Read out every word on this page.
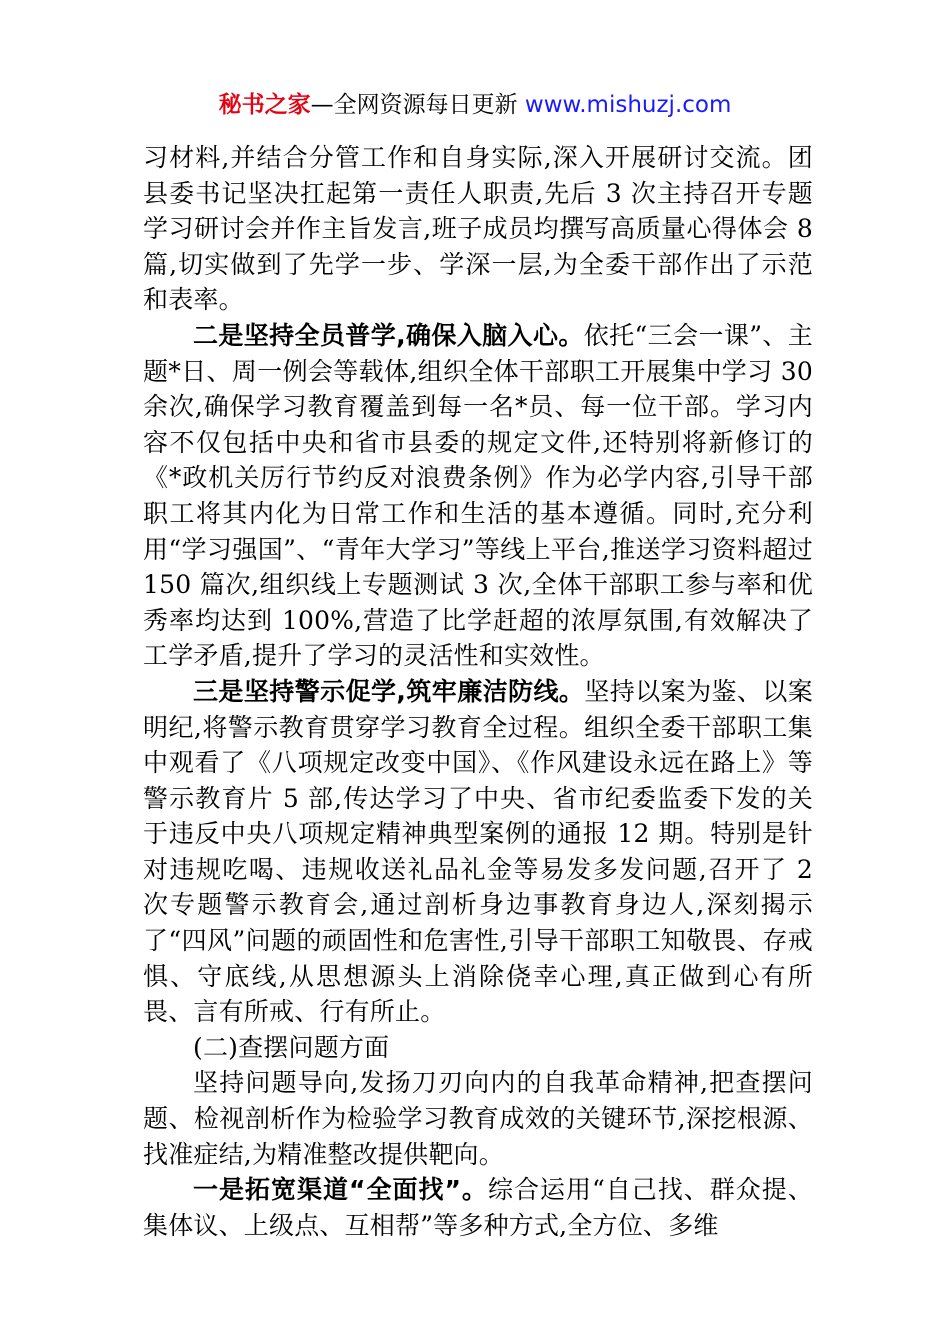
秘书之家—全网资源每日更新 www.mishuzj.com

习材料,并结合分管工作和自身实际,深入开展研讨交流。团县委书记坚决扛起第一责任人职责,先后 3 次主持召开专题学习研讨会并作主旨发言,班子成员均撰写高质量心得体会 8 篇,切实做到了先学一步、学深一层,为全委干部作出了示范和表率。

二是坚持全员普学,确保入脑入心。依托“三会一课”、主题*日、周一例会等载体,组织全体干部职工开展集中学习 30 余次,确保学习教育覆盖到每一名*员、每一位干部。学习内容不仅包括中央和省市县委的规定文件,还特别将新修订的《*政机关厉行节约反对浪费条例》作为必学内容,引导干部职工将其内化为日常工作和生活的基本遵循。同时,充分利用“学习强国”、“青年大学习”等线上平台,推送学习资料超过 150 篇次,组织线上专题测试 3 次,全体干部职工参与率和优秀率均达到 100%,营造了比学赶超的浓厚氛围,有效解决了工学矛盾,提升了学习的灵活性和实效性。

三是坚持警示促学,筑牢廉洁防线。坚持以案为鉴、以案明纪,将警示教育贯穿学习教育全过程。组织全委干部职工集中观看了《八项规定改变中国》、《作风建设永远在路上》等警示教育片 5 部,传达学习了中央、省市纪委监委下发的关于违反中央八项规定精神典型案例的通报 12 期。特别是针对违规吃喝、违规收送礼品礼金等易发多发问题,召开了 2 次专题警示教育会,通过剖析身边事教育身边人,深刻揭示了“四风”问题的顽固性和危害性,引导干部职工知敬畏、存戒惧、守底线,从思想源头上消除侥幸心理,真正做到心有所畏、言有所戒、行有所止。

(二)查摆问题方面

坚持问题导向,发扬刀刃向内的自我革命精神,把查摆问题、检视剖析作为检验学习教育成效的关键环节,深挖根源、找准症结,为精准整改提供靶向。

一是拓宽渠道“全面找”。综合运用“自己找、群众提、集体议、上级点、互相帮”等多种方式,全方位、多维
